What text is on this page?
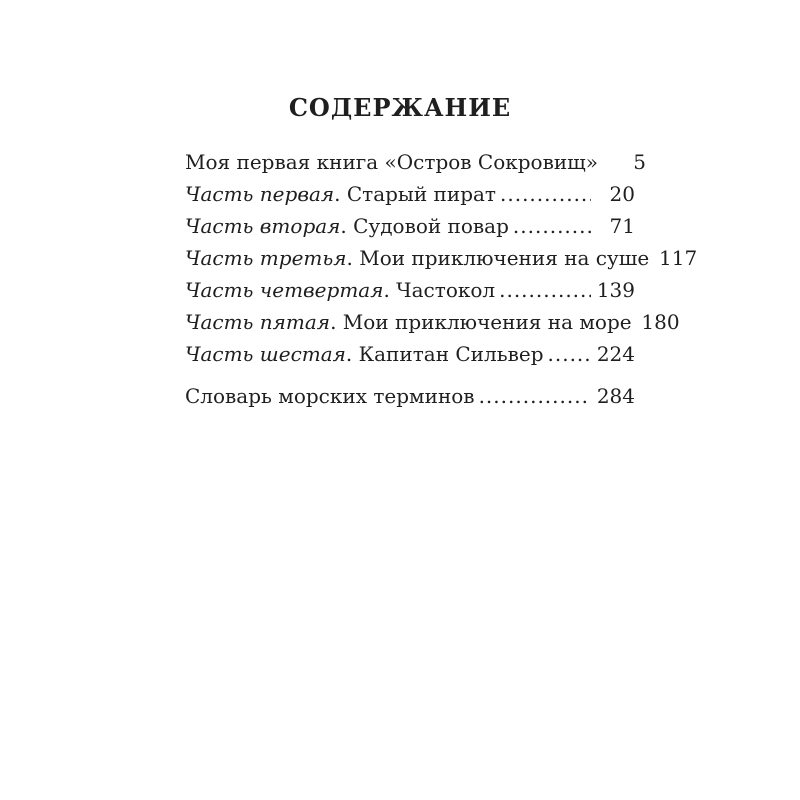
СОДЕРЖАНИЕ
Моя первая книга «Остров Сокровищ» .....	5
Часть первая. Старый пират .....	20
Часть вторая. Судовой повар .....	71
Часть третья. Мои приключения на суше ..... 117
Часть четвертая. Частокол .....	139
Часть пятая. Мои приключения на море ..... 180
Часть шестая. Капитан Сильвер .....	224
Словарь морских терминов .....	284
